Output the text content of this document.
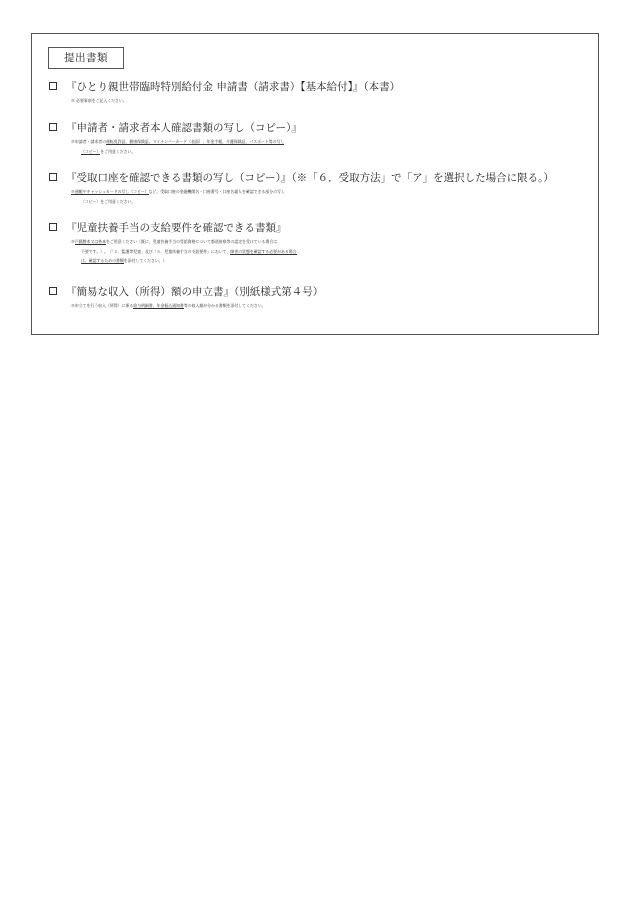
提出書類
『ひとり親世帯臨時特別給付金 申請書（請求書）【基本給付】』（本書）
※ 必要事項をご記入ください。
『申請者・請求者本人確認書類の写し（コピー）』
※申請者・請求者の運転免許証、健康保険証、マイナンバーカード（表面）、年金手帳、介護保険証、パスポート等の写し
（コピー）をご用意ください。
『受取口座を確認できる書類の写し（コピー）』（※「６．受取方法」で「ア」を選択した場合に限る。）
※通帳やキャッシュカードの写し（コピー）など、受取口座の金融機関名・口座番号・口座名義人を確認できる部分の写し
（コピー）をご用意ください。
『児童扶養手当の支給要件を確認できる書類』
※戸籍謄本又は抄本をご用意ください（既に、児童扶養手当の受給資格について都道府県等の認定を受けている場合は
不要です。）。（「２．監護等児童」及び「５．児童扶養手当の支給要件」において、障害の状態を確認する必要がある場合
は、確認するための書類を添付してください。）
『簡易な収入（所得）額の申立書』（別紙様式第４号）
※申立てを行う収入（所得）に係る給与明細書、年金振込通知書等の収入額が分かる書類を添付してください。
